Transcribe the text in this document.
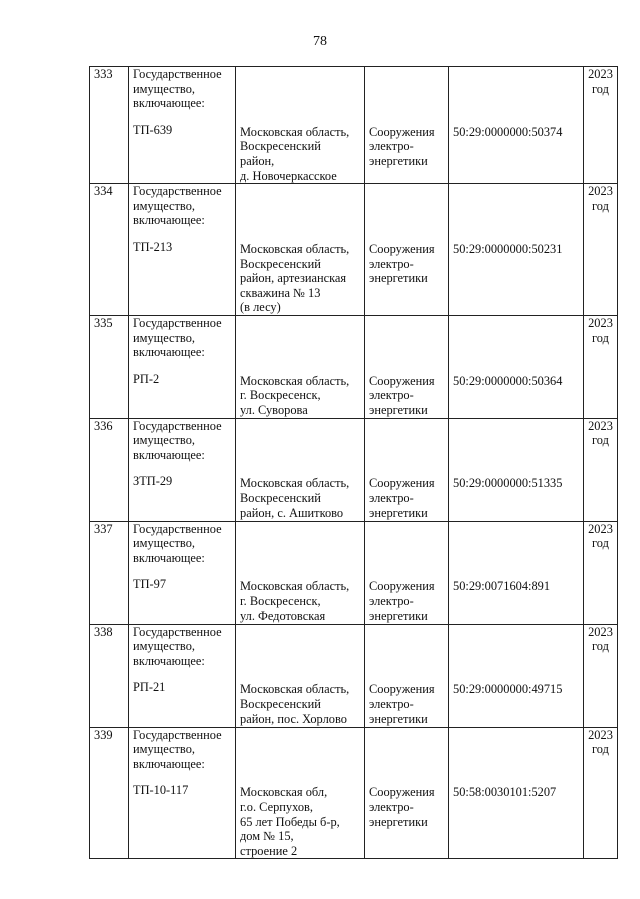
78
333	Государственное
имущество,
включающее:
ТП-639	Московская область,
Воскресенский
район,
д. Новочеркасское	Сооружения
электро-
энергетики	50:29:0000000:50374	2023
год

334	Государственное
имущество,
включающее:
ТП-213	Московская область,
Воскресенский
район, артезианская
скважина № 13
(в лесу)	Сооружения
электро-
энергетики	50:29:0000000:50231	2023
год

335	Государственное
имущество,
включающее:
РП-2	Московская область,
г. Воскресенск,
ул. Суворова	Сооружения
электро-
энергетики	50:29:0000000:50364	2023
год

336	Государственное
имущество,
включающее:
ЗТП-29	Московская область,
Воскресенский
район, с. Ашитково	Сооружения
электро-
энергетики	50:29:0000000:51335	2023
год

337	Государственное
имущество,
включающее:
ТП-97	Московская область,
г. Воскресенск,
ул. Федотовская	Сооружения
электро-
энергетики	50:29:0071604:891	2023
год

338	Государственное
имущество,
включающее:
РП-21	Московская область,
Воскресенский
район, пос. Хорлово	Сооружения
электро-
энергетики	50:29:0000000:49715	2023
год

339	Государственное
имущество,
включающее:
ТП-10-117	Московская обл,
г.о. Серпухов,
65 лет Победы б-р,
дом № 15,
строение 2	Сооружения
электро-
энергетики	50:58:0030101:5207	2023
год
